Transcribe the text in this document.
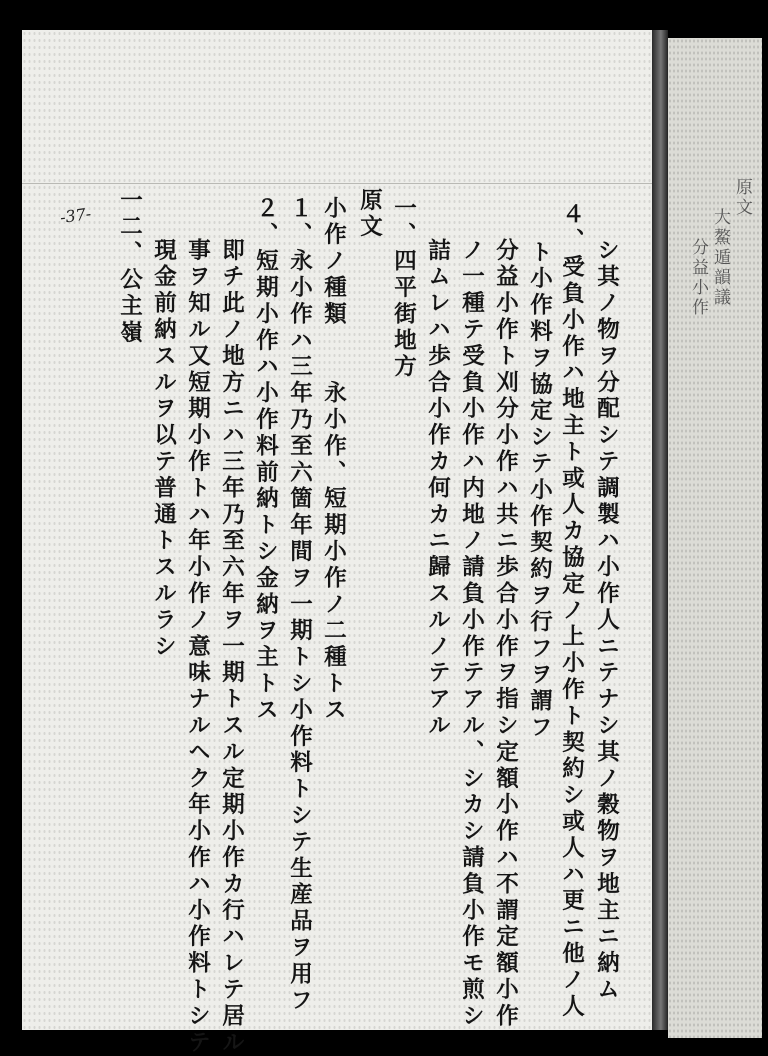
原文
大鰲遁韻議
分益小作
シ其ノ物ヲ分配シテ調製ハ小作人ニテナシ其ノ穀物ヲ地主ニ納ム
４、受負小作ハ地主ト或人カ協定ノ上小作ト契約シ或人ハ更ニ他ノ人
ト小作料ヲ協定シテ小作契約ヲ行フヲ謂フ
分益小作ト刈分小作ハ共ニ歩合小作ヲ指シ定額小作ハ不謂定額小作
ノ一種テ受負小作ハ内地ノ請負小作テアル、シカシ請負小作モ煎シ
詰ムレハ歩合小作カ何カニ歸スルノテアル
一、四平街地方
原文
小作ノ種類　　永小作、短期小作ノ二種トス
１、永小作ハ三年乃至六箇年間ヲ一期トシ小作料トシテ生産品ヲ用フ
２、短期小作ハ小作料前納トシ金納ヲ主トス
即チ此ノ地方ニハ三年乃至六年ヲ一期トスル定期小作カ行ハレテ居ル
事ヲ知ル又短期小作トハ年小作ノ意味ナルヘク年小作ハ小作料トシテ
現金前納スルヲ以テ普通トスルラシ
一二、公主嶺
-37-
